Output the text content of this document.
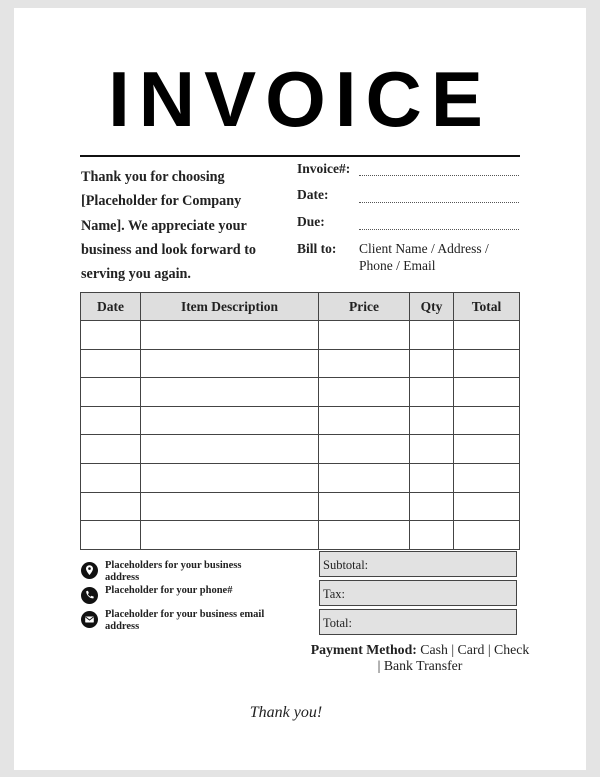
INVOICE
Thank you for choosing [Placeholder for Company Name]. We appreciate your business and look forward to serving you again.
Invoice#:
Date:
Due:
Bill to: Client Name / Address / Phone / Email
Date	Item Description	Price	Qty	Total

Placeholders for your business address
Placeholder for your phone#
Placeholder for your business email address
Subtotal:
Tax:
Total:
Payment Method: Cash | Card | Check | Bank Transfer
Thank you!
